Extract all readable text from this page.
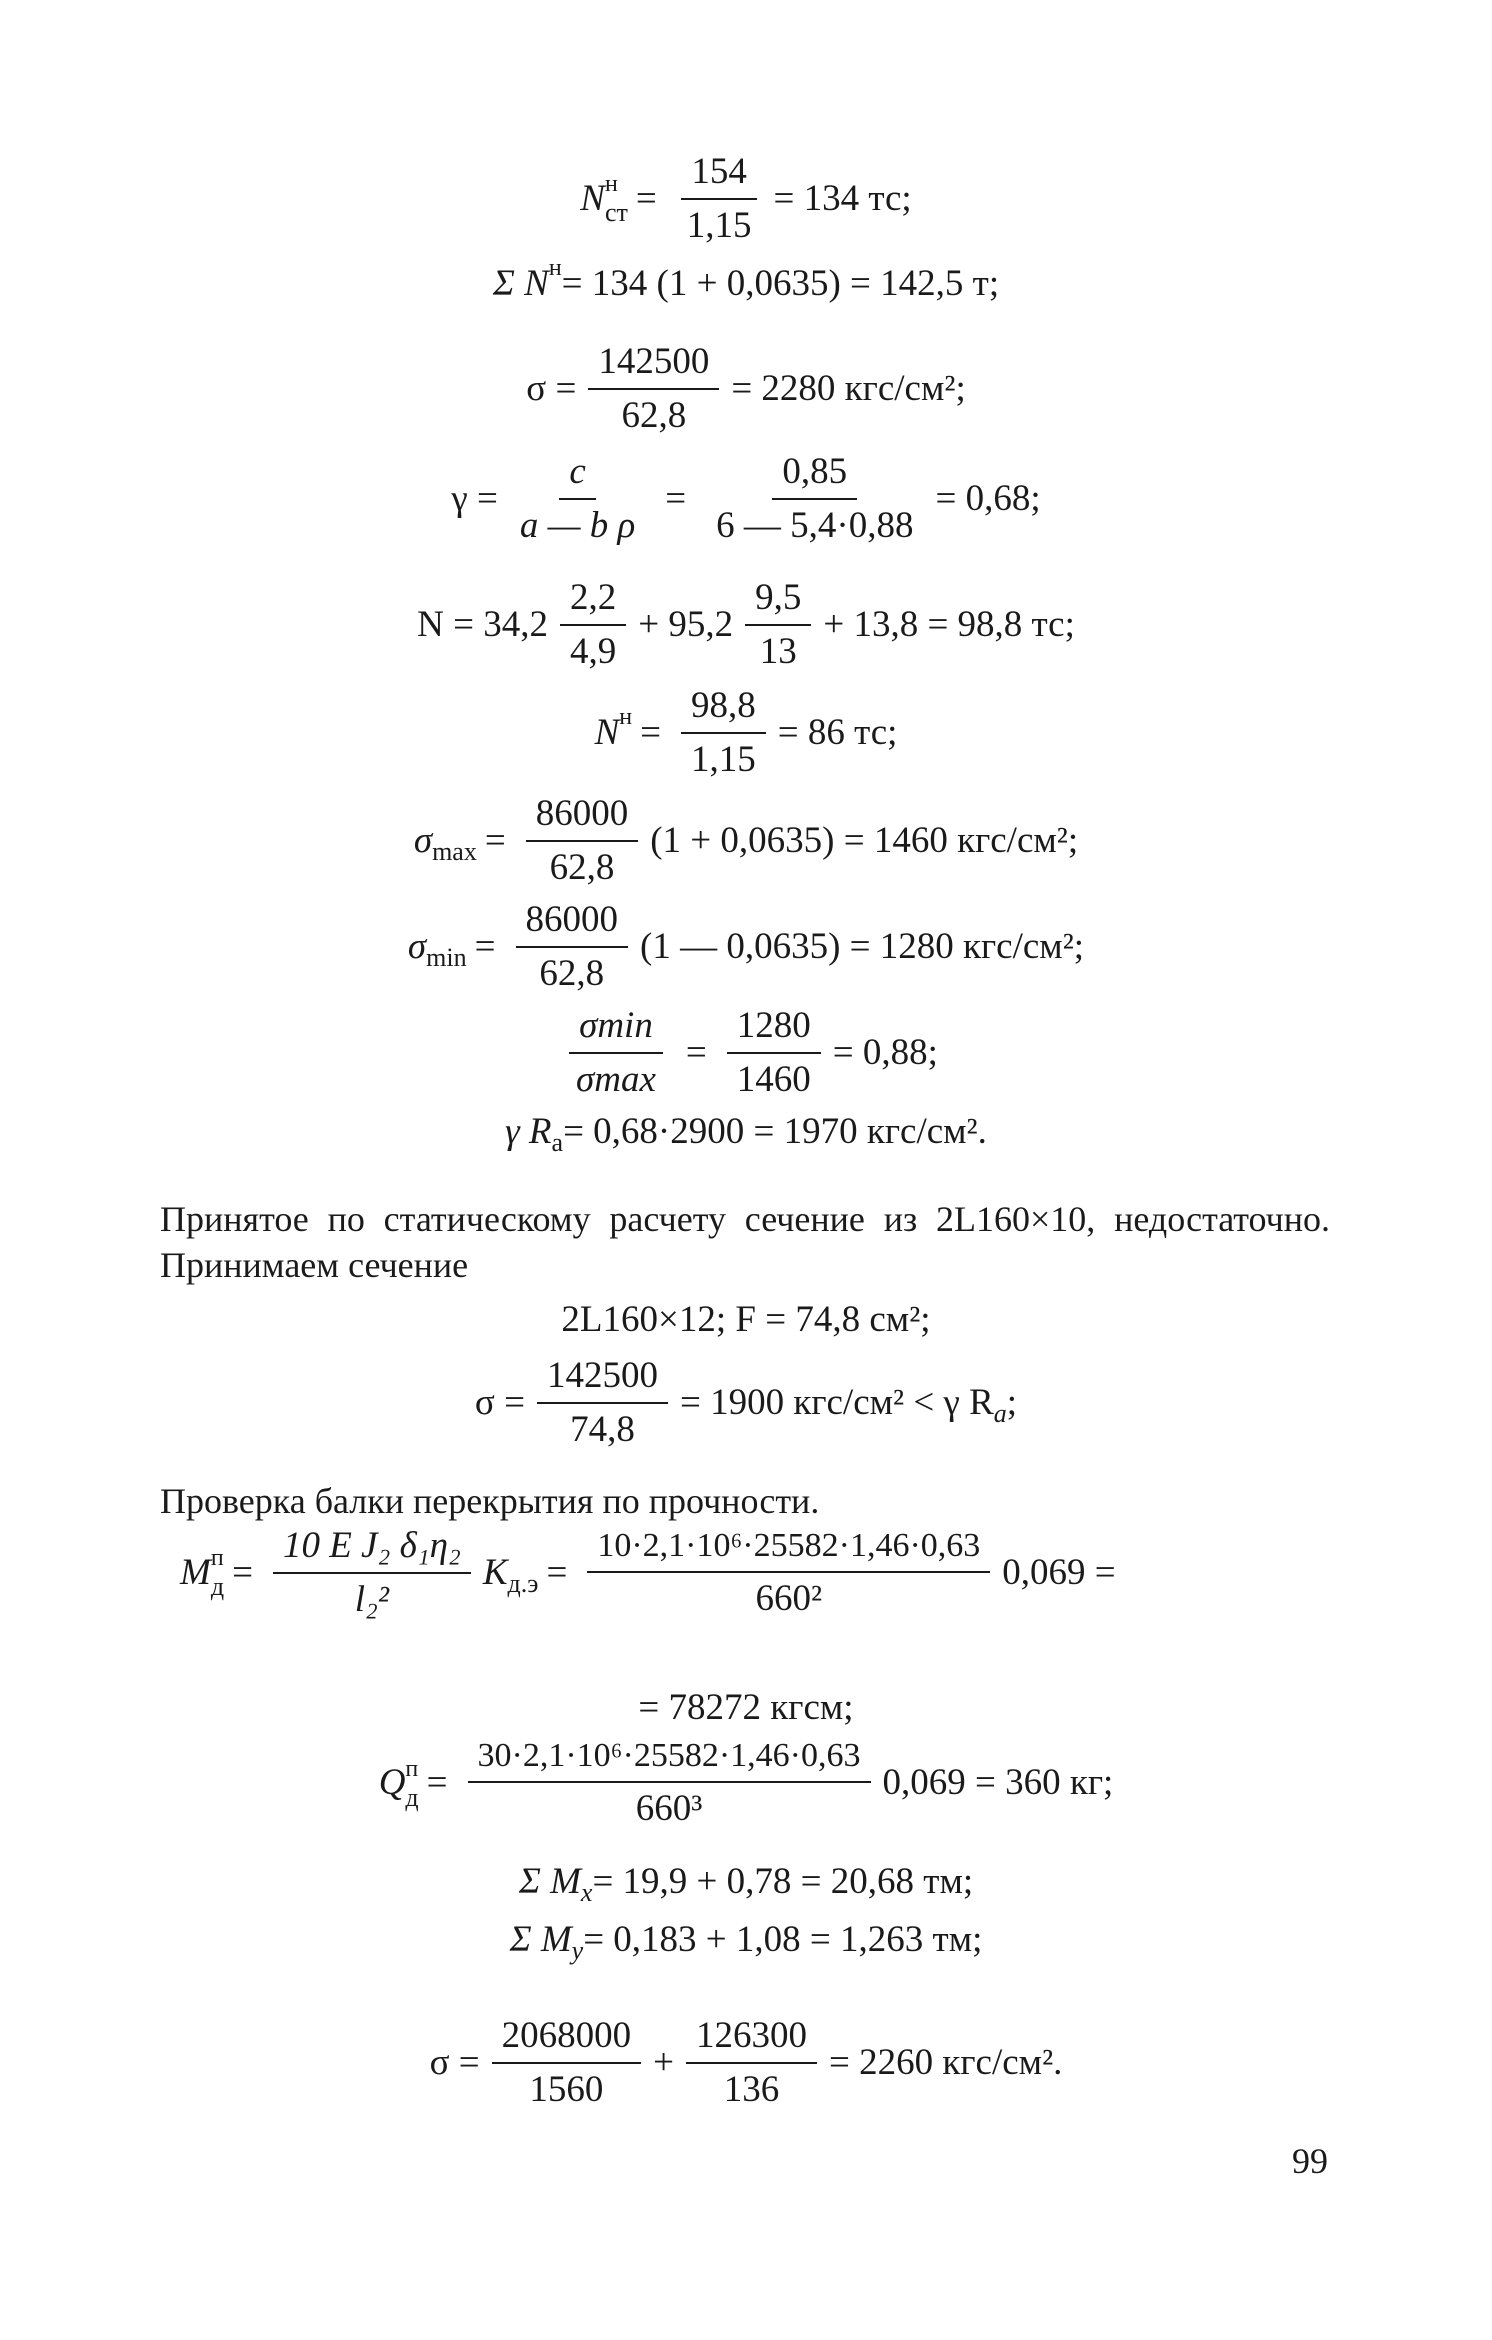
N н
ст = $\frac{154}{1,15} = 134$ тс;
Σ N н = 134 (1 + 0,0635) = 142,5 т;
$\sigma = \frac{142500}{62,8} = 2280$ кгс/см²;
$\gamma = \frac{c}{\text{a — b ρ}} = \frac{0,85}{6 — 5,4\cdot 0,88} = 0,68$;
$N = 34,2 \frac{2,2}{4,9} + 95,2 \frac{9,5}{13} + 13,8 = 98,8$ тс;
N $н = \frac{98,8}{1,15} = 86$ тс;
σ $\max = \frac{86000}{62,8} (1 + 0,0635) = 1460$ кгс/см²;
σ $\min = \frac{86000}{62,8} (1$ — 0,0635) = 1280 кгс/см²;
$\frac{\sigma\min}{\sigma\max} = \frac{1280}{1460} = 0,88$;
γ R a = 0,68·2900 = 1970 кгс/см².
Принятое по статическому расчету сечение из 2L160×10, недостаточно. Принимаем сечение
2L160×12; F = 74,8 см²;
$\sigma = \frac{142500}{74,8} = 1900$ кгс/см² < γ R a ;
Проверка балки перекрытия по прочности.
M п
$д = \frac{\text{10 E J₂ δ₁η₂}}{\text{l₂²}}$ K $д.э = \frac{\text{10·2,1·10⁶·25582·1,46·0,63}}{\text{660²}} 0,069$ =
= 78272 кгсм;
Q п
$д = \frac{\text{30·2,1·10⁶·25582·1,46·0,63}}{\text{660³}} 0,069 = 360$ кг;
Σ M x = 19,9 + 0,78 = 20,68 тм;
Σ M y = 0,183 + 1,08 = 1,263 тм;
$\sigma = \frac{2068000}{1560} + \frac{126300}{136} = 2260$ кгс/см².
99
